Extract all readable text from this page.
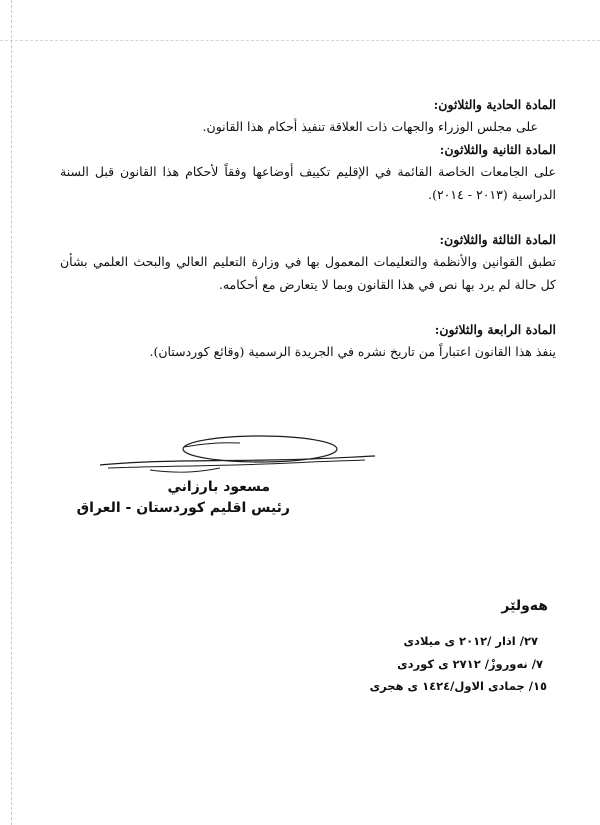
المادة الحادية والثلاثون:
على مجلس الوزراء والجهات ذات العلاقة تنفيذ أحكام هذا القانون.
المادة الثانية والثلاثون:
على الجامعات الخاصة القائمة في الإقليم تكييف أوضاعها وفقاً لأحكام هذا القانون قبل السنة
الدراسية (٢٠١٣ - ٢٠١٤).
المادة الثالثة والثلاثون:
تطبق القوانين والأنظمة والتعليمات المعمول بها في وزارة التعليم العالي والبحث العلمي بشأن
كل حالة لم يرد بها نص في هذا القانون وبما لا يتعارض مع أحكامه.
المادة الرابعة والثلاثون:
ينفذ هذا القانون اعتباراً من تاريخ نشره في الجريدة الرسمية (وقائع كوردستان).
مسعود بارزاني
رئيس اقليم كوردستان - العراق
هەولێر
٢٧/ اذار /٢٠١٢ ى ميلادى
٧/ نەوروزْ/ ٢٧١٢ ى كوردى
١٥/ جمادى الاول/١٤٢٤ ى هجرى
